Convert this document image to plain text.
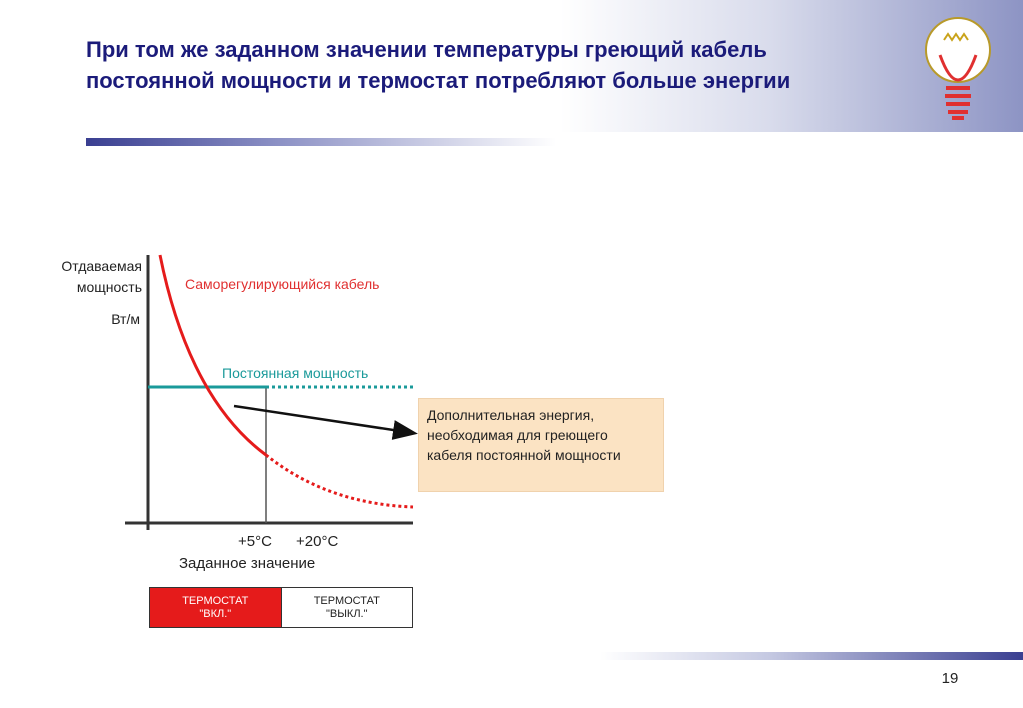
При том же заданном значении температуры греющий кабель постоянной мощности и термостат потребляют больше энергии
Отдаваемая мощность
Вт/м
Саморегулирующийся кабель
Постоянная мощность
+5°C +20°C
Заданное значение
Дополнительная энергия, необходимая для греющего кабеля постоянной мощности
ТЕРМОСТАТ
"ВКЛ."
ТЕРМОСТАТ
"ВЫКЛ."
19
